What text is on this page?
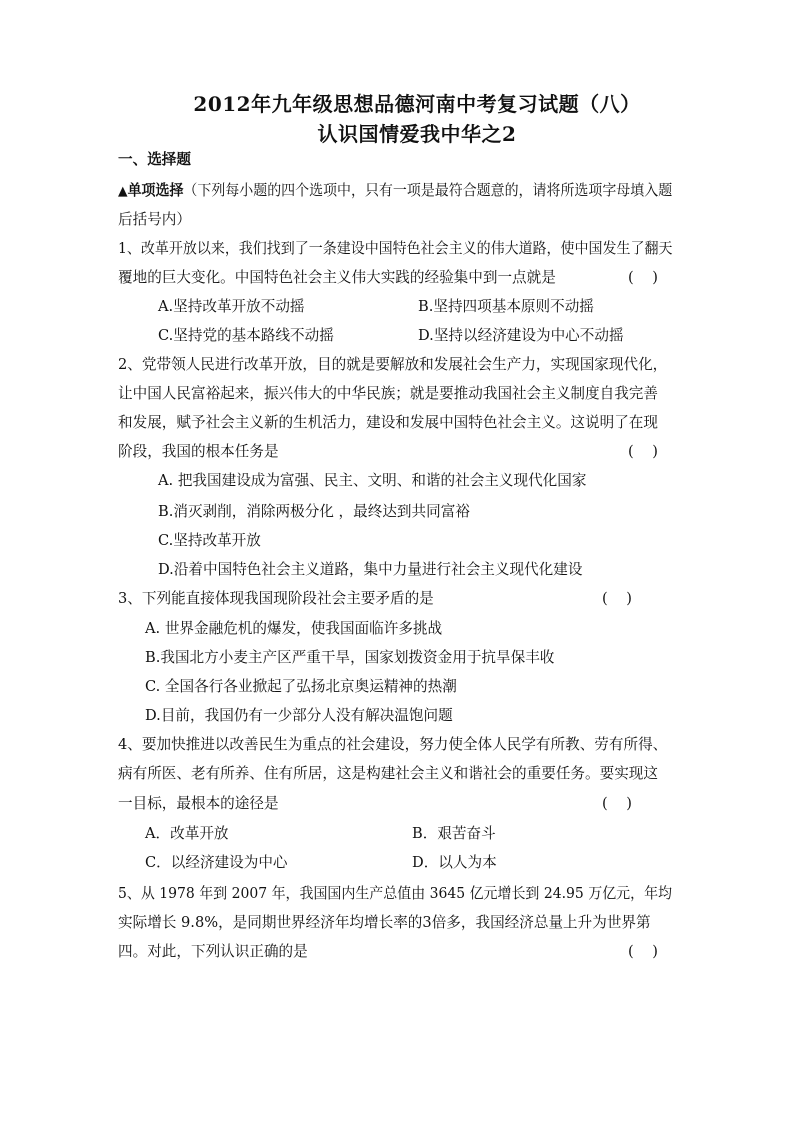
2012年九年级思想品德河南中考复习试题（八）
认识国情爱我中华之2
一、选择题
▲单项选择（下列每小题的四个选项中，只有一项是最符合题意的，请将所选项字母填入题
后括号内）
1、改革开放以来，我们找到了一条建设中国特色社会主义的伟大道路，使中国发生了翻天
覆地的巨大变化。中国特色社会主义伟大实践的经验集中到一点就是	(    )
A.坚持改革开放不动摇	B.坚持四项基本原则不动摇
C.坚持党的基本路线不动摇	D.坚持以经济建设为中心不动摇
2、党带领人民进行改革开放，目的就是要解放和发展社会生产力，实现国家现代化，
让中国人民富裕起来，振兴伟大的中华民族；就是要推动我国社会主义制度自我完善
和发展，赋予社会主义新的生机活力，建设和发展中国特色社会主义。这说明了在现
阶段，我国的根本任务是	(    )
A. 把我国建设成为富强、民主、文明、和谐的社会主义现代化国家
B.消灭剥削，消除两极分化 ，最终达到共同富裕
C.坚持改革开放
D.沿着中国特色社会主义道路，集中力量进行社会主义现代化建设
3、下列能直接体现我国现阶段社会主要矛盾的是	(    )
A. 世界金融危机的爆发，使我国面临许多挑战
B.我国北方小麦主产区严重干旱，国家划拨资金用于抗旱保丰收
C. 全国各行各业掀起了弘扬北京奥运精神的热潮
D.目前，我国仍有一少部分人没有解决温饱问题
4、要加快推进以改善民生为重点的社会建设，努力使全体人民学有所教、劳有所得、
病有所医、老有所养、住有所居，这是构建社会主义和谐社会的重要任务。要实现这
一目标，最根本的途径是	(    )
A．改革开放	B．艰苦奋斗
C．以经济建设为中心	D．以人为本
5、从 1978 年到 2007 年，我国国内生产总值由 3645 亿元增长到 24.95 万亿元，年均
实际增长 9.8%，是同期世界经济年均增长率的3倍多，我国经济总量上升为世界第
四。对此，下列认识正确的是	(    )
